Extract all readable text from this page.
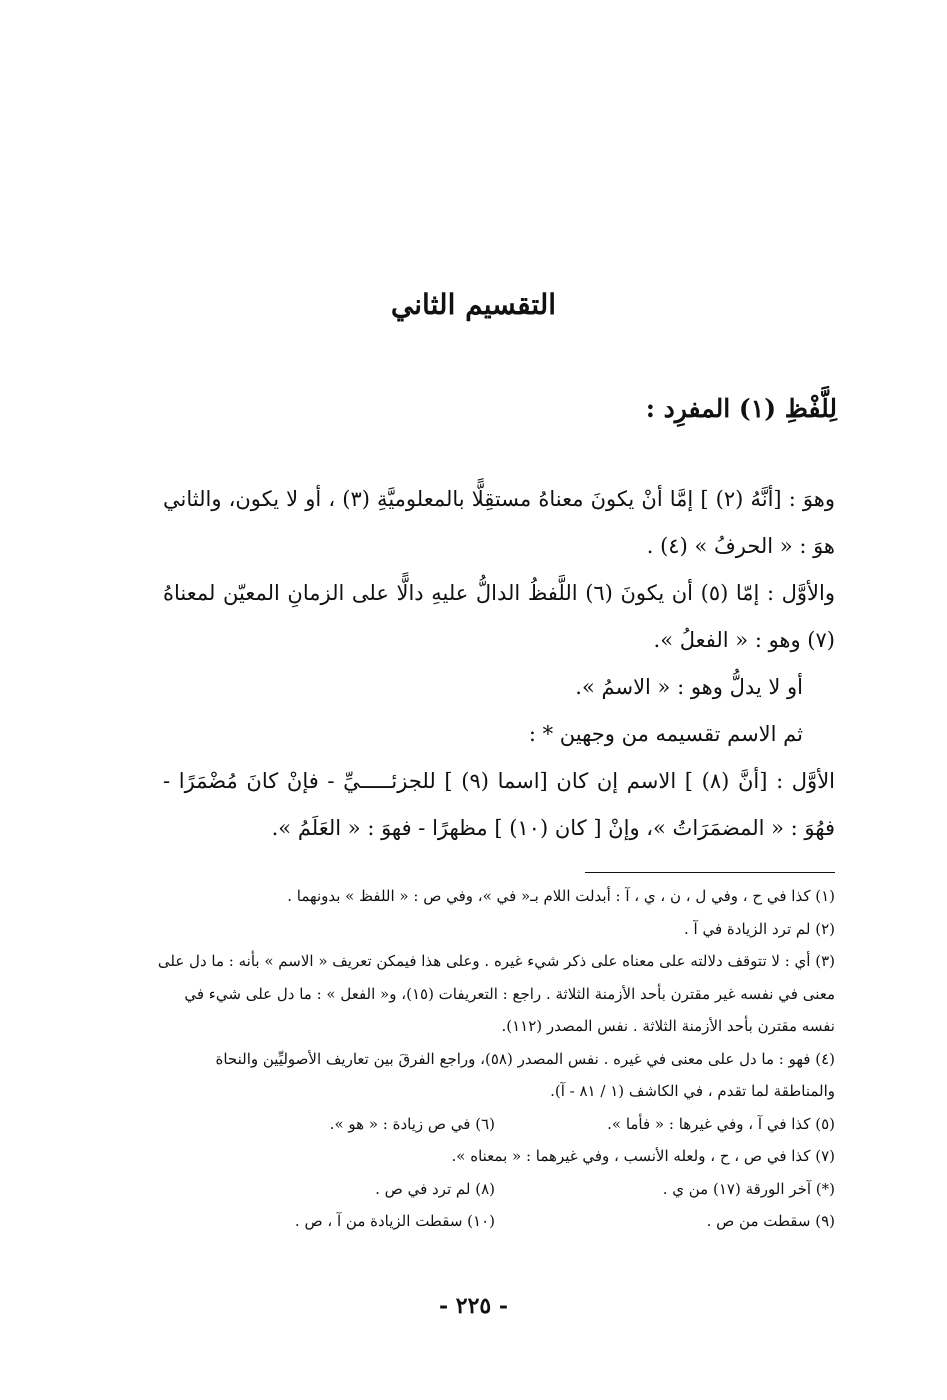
التقسيم الثاني
لِلَّفْظِ (١) المفرِد :

وهوَ : [أنَّهُ (٢) ] إمَّا أنْ يكونَ معناهُ مستقِلًّا بالمعلوميَّةِ (٣) ، أو لا يكون، والثاني هوَ : « الحرفُ » (٤) .

والأوَّل : إمّا (٥) أن يكونَ (٦) اللَّفظُ الدالُّ عليهِ دالًّا على الزمانِ المعيّن لمعناهُ (٧) وهو : « الفعلُ ».

أو لا يدلُّ وهو : « الاسمُ ».

ثم الاسم تقسيمه من وجهين * :

الأوَّل : [أنَّ (٨) ] الاسم إن كان [اسما (٩) ] للجزئـــــيِّ - فإنْ كانَ مُضْمَرًا - فهُوَ : « المضمَرَاتُ »، وإنْ [ كان (١٠) ] مظهرًا - فهوَ : « العَلَمُ ».

(١) كذا في ح ، وفي ل ، ن ، ي ، آ : أبدلت اللام بـ« في »، وفي ص : « اللفظ » بدونهما .

(٢) لم ترد الزيادة في آ .

(٣) أي : لا تتوقف دلالته على معناه على ذكر شيء غيره . وعلى هذا فيمكن تعريف « الاسم » بأنه : ما دل على معنى في نفسه غير مقترن بأحد الأزمنة الثلاثة . راجع : التعريفات (١٥)، و« الفعل » : ما دل على شيء في نفسه مقترن بأحد الأزمنة الثلاثة . نفس المصدر (١١٢).

(٤) فهو : ما دل على معنى في غيره . نفس المصدر (٥٨)، وراجع الفرقَ بين تعاريف الأصوليِّين والنحاة والمناطقة لما تقدم ، في الكاشف (١ / ٨١ - آ).

(٥) كذا في آ ، وفي غيرها : « فأما ».
(٦) في ص زيادة : « هو ».

(٧) كذا في ص ، ح ، ولعله الأنسب ، وفي غيرهما : « بمعناه ».

(*) آخر الورقة (١٧) من ي .
(٨) لم ترد في ص .
(٩) سقطت من ص .
(١٠) سقطت الزيادة من آ ، ص .
- ٢٢٥ -
